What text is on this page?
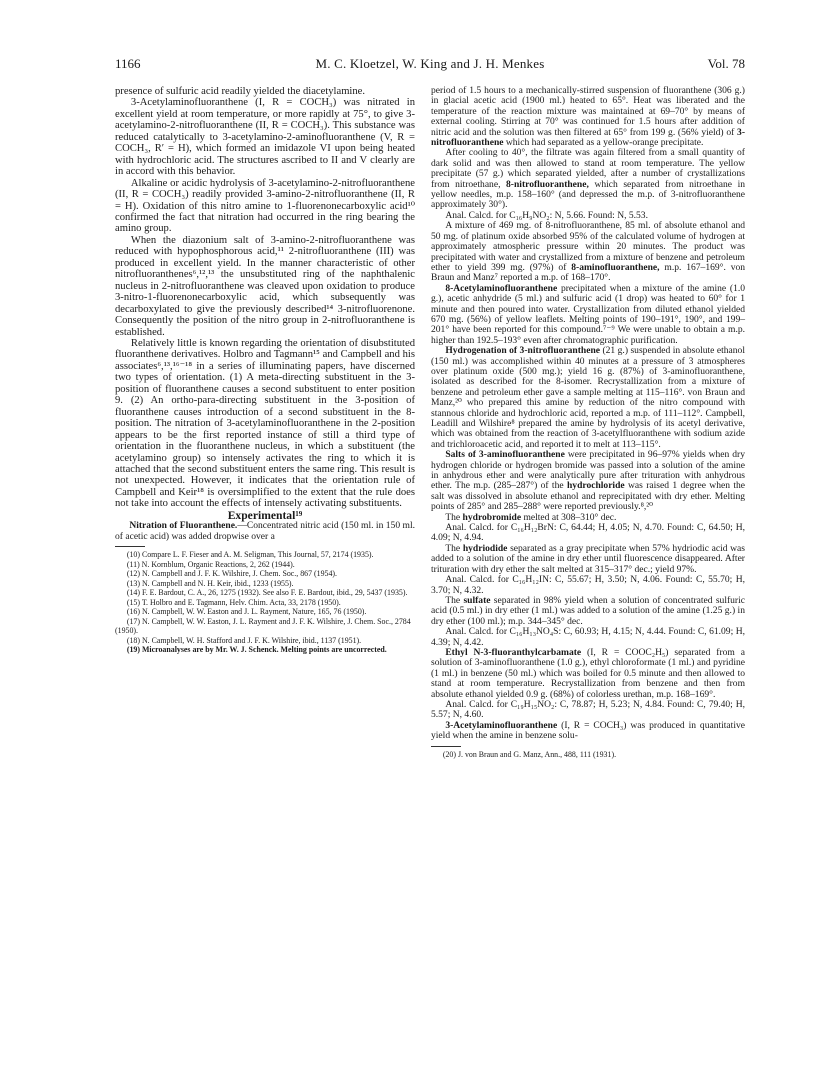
1166	M. C. Kloetzel, W. King and J. H. Menkes	Vol. 78

presence of sulfuric acid readily yielded the diacetylamine.

3-Acetylaminofluoranthene (I, R = COCH₃) was nitrated in excellent yield at room temperature, or more rapidly at 75°, to give 3-acetylamino-2-nitrofluoranthene (II, R = COCH₃). This substance was reduced catalytically to 3-acetylamino-2-aminofluoranthene (V, R = COCH₃, R′ = H), which formed an imidazole VI upon being heated with hydrochloric acid. The structures ascribed to II and V clearly are in accord with this behavior.

Alkaline or acidic hydrolysis of 3-acetylamino-2-nitrofluoranthene (II, R = COCH₃) readily provided 3-amino-2-nitrofluoranthene (II, R = H). Oxidation of this nitro amine to 1-fluorenonecarboxylic acid¹⁰ confirmed the fact that nitration had occurred in the ring bearing the amino group.

When the diazonium salt of 3-amino-2-nitrofluoranthene was reduced with hypophosphorous acid,¹¹ 2-nitrofluoranthene (III) was produced in excellent yield. In the manner characteristic of other nitrofluoranthenes⁶,¹²,¹³ the unsubstituted ring of the naphthalenic nucleus in 2-nitrofluoranthene was cleaved upon oxidation to produce 3-nitro-1-fluorenonecarboxylic acid, which subsequently was decarboxylated to give the previously described¹⁴ 3-nitrofluorenone. Consequently the position of the nitro group in 2-nitrofluoranthene is established.

Relatively little is known regarding the orientation of disubstituted fluoranthene derivatives. Holbro and Tagmann¹⁵ and Campbell and his associates⁶,¹³,¹⁶⁻¹⁸ in a series of illuminating papers, have discerned two types of orientation. (1) A meta-directing substituent in the 3-position of fluoranthene causes a second substituent to enter position 9. (2) An ortho-para-directing substituent in the 3-position of fluoranthene causes introduction of a second substituent in the 8-position. The nitration of 3-acetylaminofluoranthene in the 2-position appears to be the first reported instance of still a third type of orientation in the fluoranthene nucleus, in which a substituent (the acetylamino group) so intensely activates the ring to which it is attached that the second substituent enters the same ring. This result is not unexpected. However, it indicates that the orientation rule of Campbell and Keir¹⁸ is oversimplified to the extent that the rule does not take into account the effects of intensely activating substituents.

Experimental¹⁹

Nitration of Fluoranthene.—Concentrated nitric acid (150 ml. in 150 ml. of acetic acid) was added dropwise over a

(10) Compare L. F. Fieser and A. M. Seligman, This Journal, 57, 2174 (1935).

(11) N. Kornblum, Organic Reactions, 2, 262 (1944).

(12) N. Campbell and J. F. K. Wilshire, J. Chem. Soc., 867 (1954).

(13) N. Campbell and N. H. Keir, ibid., 1233 (1955).

(14) F. E. Bardout, C. A., 26, 1275 (1932). See also F. E. Bardout, ibid., 29, 5437 (1935).

(15) T. Holbro and E. Tagmann, Helv. Chim. Acta, 33, 2178 (1950).

(16) N. Campbell, W. W. Easton and J. L. Rayment, Nature, 165, 76 (1950).

(17) N. Campbell, W. W. Easton, J. L. Rayment and J. F. K. Wilshire, J. Chem. Soc., 2784 (1950).

(18) N. Campbell, W. H. Stafford and J. F. K. Wilshire, ibid., 1137 (1951).

(19) Microanalyses are by Mr. W. J. Schenck. Melting points are uncorrected.

period of 1.5 hours to a mechanically-stirred suspension of fluoranthene (306 g.) in glacial acetic acid (1900 ml.) heated to 65°. Heat was liberated and the temperature of the reaction mixture was maintained at 69–70° by means of external cooling. Stirring at 70° was continued for 1.5 hours after addition of nitric acid and the solution was then filtered at 65° from 199 g. (56% yield) of 3-nitrofluoranthene which had separated as a yellow-orange precipitate.

After cooling to 40°, the filtrate was again filtered from a small quantity of dark solid and was then allowed to stand at room temperature. The yellow precipitate (57 g.) which separated yielded, after a number of crystallizations from nitroethane, 8-nitrofluoranthene, which separated from nitroethane in yellow needles, m.p. 158–160° (and depressed the m.p. of 3-nitrofluoranthene approximately 30°).

Anal. Calcd. for C₁₆H₉NO₂: N, 5.66. Found: N, 5.53.

A mixture of 469 mg. of 8-nitrofluoranthene, 85 ml. of absolute ethanol and 50 mg. of platinum oxide absorbed 95% of the calculated volume of hydrogen at approximately atmospheric pressure within 20 minutes. The product was precipitated with water and crystallized from a mixture of benzene and petroleum ether to yield 399 mg. (97%) of 8-aminofluoranthene, m.p. 167–169°. von Braun and Manz⁷ reported a m.p. of 168–170°.

8-Acetylaminofluoranthene precipitated when a mixture of the amine (1.0 g.), acetic anhydride (5 ml.) and sulfuric acid (1 drop) was heated to 60° for 1 minute and then poured into water. Crystallization from diluted ethanol yielded 670 mg. (56%) of yellow leaflets. Melting points of 190–191°, 190°, and 199–201° have been reported for this compound.⁷⁻⁹ We were unable to obtain a m.p. higher than 192.5–193° even after chromatographic purification.

Hydrogenation of 3-nitrofluoranthene (21 g.) suspended in absolute ethanol (150 ml.) was accomplished within 40 minutes at a pressure of 3 atmospheres over platinum oxide (500 mg.); yield 16 g. (87%) of 3-aminofluoranthene, isolated as described for the 8-isomer. Recrystallization from a mixture of benzene and petroleum ether gave a sample melting at 115–116°. von Braun and Manz,²⁰ who prepared this amine by reduction of the nitro compound with stannous chloride and hydrochloric acid, reported a m.p. of 111–112°. Campbell, Leadill and Wilshire⁸ prepared the amine by hydrolysis of its acetyl derivative, which was obtained from the reaction of 3-acetylfluoranthene with sodium azide and trichloroacetic acid, and reported it to melt at 113–115°.

Salts of 3-aminofluoranthene were precipitated in 96–97% yields when dry hydrogen chloride or hydrogen bromide was passed into a solution of the amine in anhydrous ether and were analytically pure after trituration with anhydrous ether. The m.p. (285–287°) of the hydrochloride was raised 1 degree when the salt was dissolved in absolute ethanol and reprecipitated with dry ether. Melting points of 285° and 285–288° were reported previously.⁸,²⁰

The hydrobromide melted at 308–310° dec.

Anal. Calcd. for C₁₆H₁₂BrN: C, 64.44; H, 4.05; N, 4.70. Found: C, 64.50; H, 4.09; N, 4.94.

The hydriodide separated as a gray precipitate when 57% hydriodic acid was added to a solution of the amine in dry ether until fluorescence disappeared. After trituration with dry ether the salt melted at 315–317° dec.; yield 97%.

Anal. Calcd. for C₁₆H₁₂IN: C, 55.67; H, 3.50; N, 4.06. Found: C, 55.70; H, 3.70; N, 4.32.

The sulfate separated in 98% yield when a solution of concentrated sulfuric acid (0.5 ml.) in dry ether (1 ml.) was added to a solution of the amine (1.25 g.) in dry ether (100 ml.); m.p. 344–345° dec.

Anal. Calcd. for C₁₆H₁₃NO₄S: C, 60.93; H, 4.15; N, 4.44. Found: C, 61.09; H, 4.39; N, 4.42.

Ethyl N-3-fluoranthylcarbamate (I, R = COOC₂H₅) separated from a solution of 3-aminofluoranthene (1.0 g.), ethyl chloroformate (1 ml.) and pyridine (1 ml.) in benzene (50 ml.) which was boiled for 0.5 minute and then allowed to stand at room temperature. Recrystallization from benzene and then from absolute ethanol yielded 0.9 g. (68%) of colorless urethan, m.p. 168–169°.

Anal. Calcd. for C₁₉H₁₅NO₂: C, 78.87; H, 5.23; N, 4.84. Found: C, 79.40; H, 5.57; N, 4.60.

3-Acetylaminofluoranthene (I, R = COCH₃) was produced in quantitative yield when the amine in benzene solu-

(20) J. von Braun and G. Manz, Ann., 488, 111 (1931).
